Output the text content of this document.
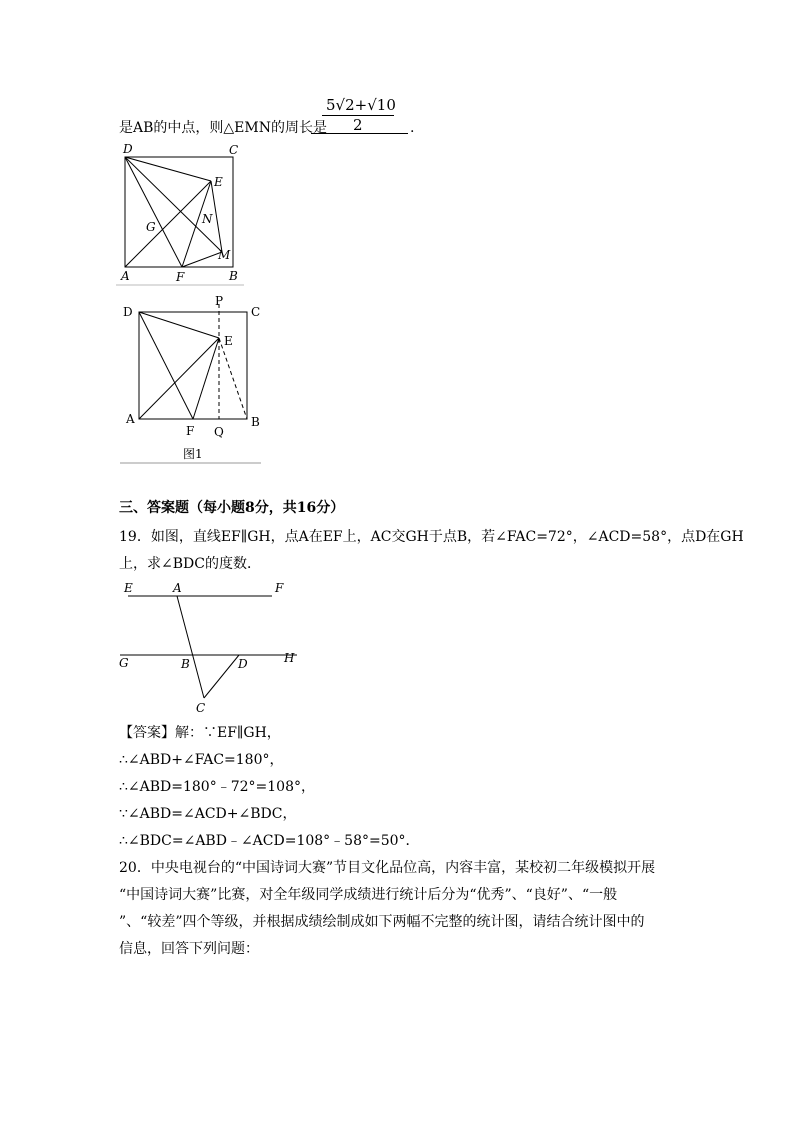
5√2+√10
2
是AB的中点，则△EMN的周长是	.
D	C
E
G
N
M
A	F	B
D
P
C
E
A
F Q
B
图1
三、答案题（每小题8分，共16分）
19．如图，直线EF∥GH，点A在EF上，AC交GH于点B，若∠FAC=72°，∠ACD=58°，点D在GH
上，求∠BDC的度数．
E	A	F
G	B	D	H
C
【答案】解：∵EF∥GH，
∴∠ABD+∠FAC=180°，
∴∠ABD=180°﹣72°=108°，
∵∠ABD=∠ACD+∠BDC，
∴∠BDC=∠ABD﹣∠ACD=108°﹣58°=50°．
20．中央电视台的“中国诗词大赛”节目文化品位高，内容丰富，某校初二年级模拟开展
“中国诗词大赛”比赛，对全年级同学成绩进行统计后分为“优秀”、“良好”、“一般
”、“较差”四个等级，并根据成绩绘制成如下两幅不完整的统计图，请结合统计图中的
信息，回答下列问题：
